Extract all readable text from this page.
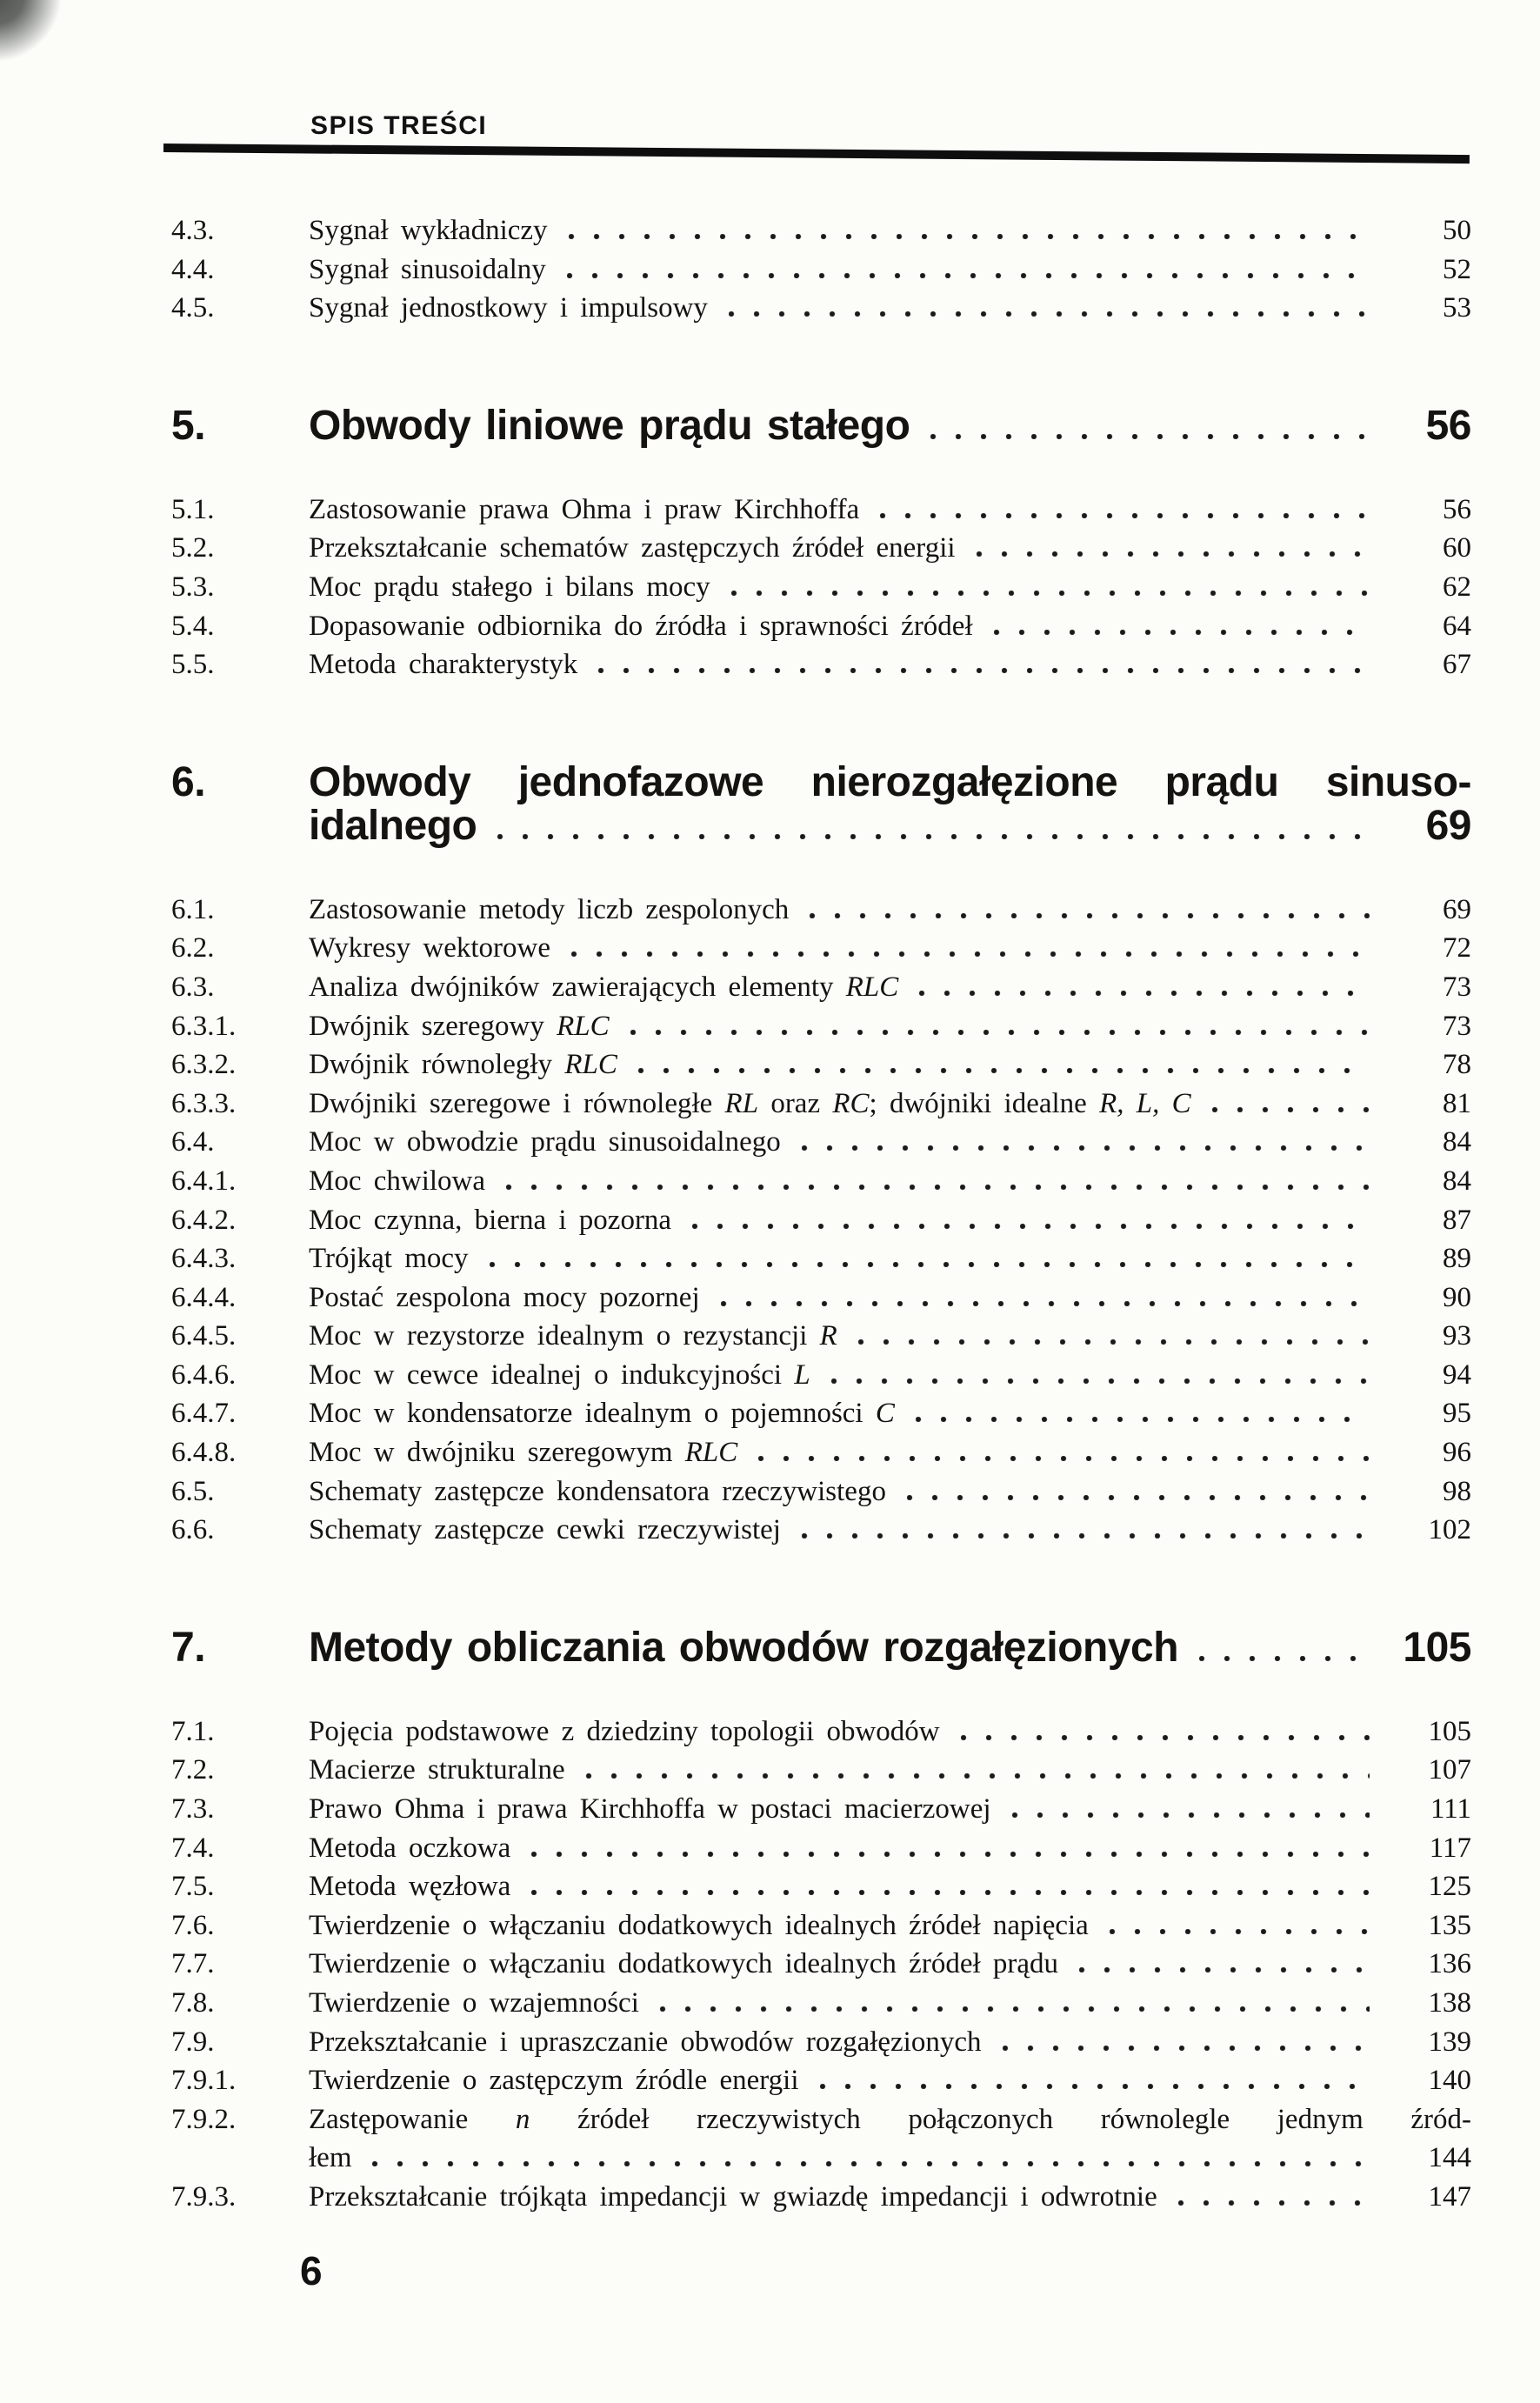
SPIS TREŚCI
4.3.	Sygnał wykładniczy	50
4.4.	Sygnał sinusoidalny	52
4.5.	Sygnał jednostkowy i impulsowy	53
5.	Obwody liniowe prądu stałego	56
5.1.	Zastosowanie prawa Ohma i praw Kirchhoffa	56
5.2.	Przekształcanie schematów zastępczych źródeł energii	60
5.3.	Moc prądu stałego i bilans mocy	62
5.4.	Dopasowanie odbiornika do źródła i sprawności źródeł	64
5.5.	Metoda charakterystyk	67
6.	Obwody jednofazowe nierozgałęzione prądu sinuso-
idalnego	69
6.1.	Zastosowanie metody liczb zespolonych	69
6.2.	Wykresy wektorowe	72
6.3.	Analiza dwójników zawierających elementy RLC	73
6.3.1.	Dwójnik szeregowy RLC	73
6.3.2.	Dwójnik równoległy RLC	78
6.3.3.	Dwójniki szeregowe i równoległe RL oraz RC; dwójniki idealne R, L, C	81
6.4.	Moc w obwodzie prądu sinusoidalnego	84
6.4.1.	Moc chwilowa	84
6.4.2.	Moc czynna, bierna i pozorna	87
6.4.3.	Trójkąt mocy	89
6.4.4.	Postać zespolona mocy pozornej	90
6.4.5.	Moc w rezystorze idealnym o rezystancji R	93
6.4.6.	Moc w cewce idealnej o indukcyjności L	94
6.4.7.	Moc w kondensatorze idealnym o pojemności C	95
6.4.8.	Moc w dwójniku szeregowym RLC	96
6.5.	Schematy zastępcze kondensatora rzeczywistego	98
6.6.	Schematy zastępcze cewki rzeczywistej	102
7.	Metody obliczania obwodów rozgałęzionych	105
7.1.	Pojęcia podstawowe z dziedziny topologii obwodów	105
7.2.	Macierze strukturalne	107
7.3.	Prawo Ohma i prawa Kirchhoffa w postaci macierzowej	111
7.4.	Metoda oczkowa	117
7.5.	Metoda węzłowa	125
7.6.	Twierdzenie o włączaniu dodatkowych idealnych źródeł napięcia	135
7.7.	Twierdzenie o włączaniu dodatkowych idealnych źródeł prądu	136
7.8.	Twierdzenie o wzajemności	138
7.9.	Przekształcanie i upraszczanie obwodów rozgałęzionych	139
7.9.1.	Twierdzenie o zastępczym źródle energii	140
7.9.2.	Zastępowanie n źródeł rzeczywistych połączonych równolegle jednym źród-
łem	144
7.9.3.	Przekształcanie trójkąta impedancji w gwiazdę impedancji i odwrotnie	147
6
